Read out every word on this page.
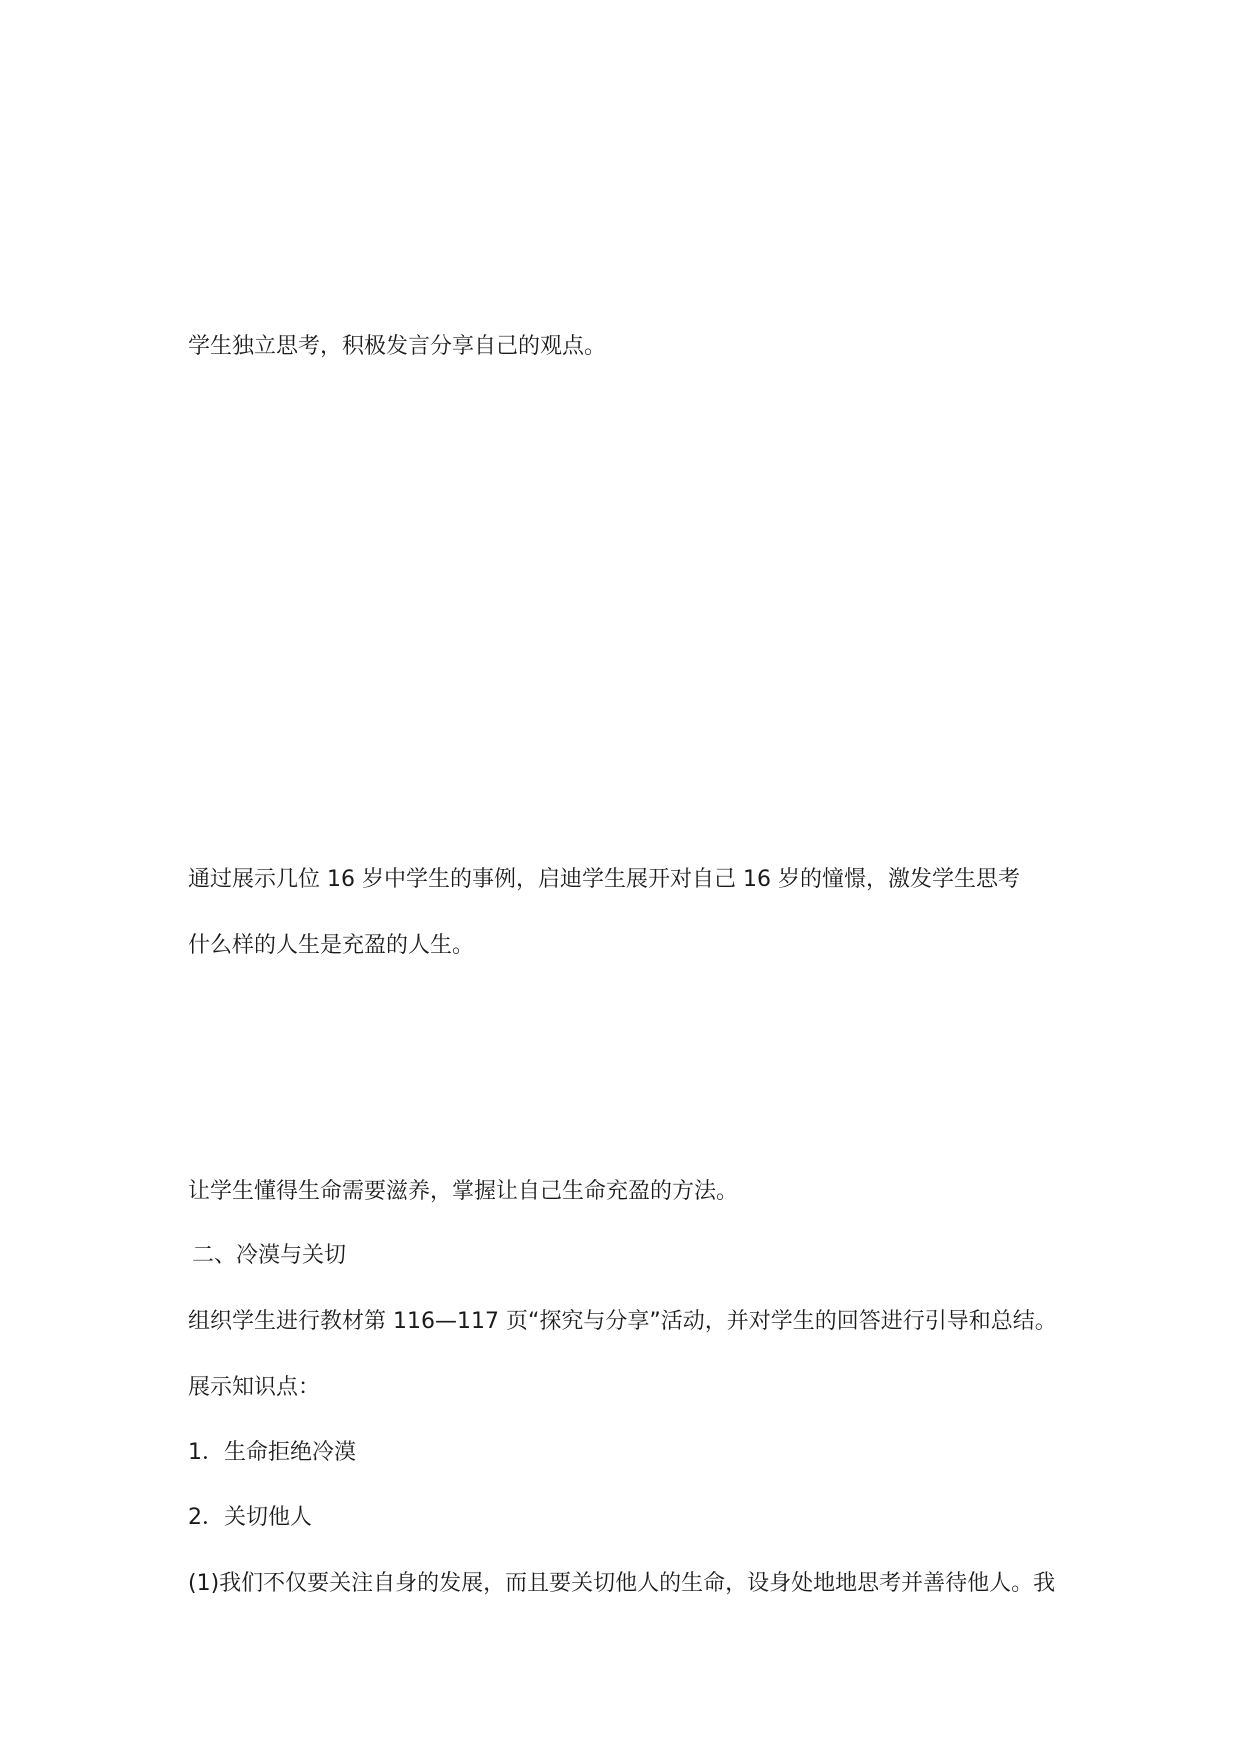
学生独立思考，积极发言分享自己的观点。
通过展示几位 16 岁中学生的事例，启迪学生展开对自己 16 岁的憧憬，激发学生思考
什么样的人生是充盈的人生。
让学生懂得生命需要滋养，掌握让自己生命充盈的方法。
二、冷漠与关切
组织学生进行教材第 116—117 页“探究与分享”活动，并对学生的回答进行引导和总结。
展示知识点：
1．生命拒绝冷漠
2．关切他人
(1)我们不仅要关注自身的发展，而且要关切他人的生命，设身处地地思考并善待他人。我
